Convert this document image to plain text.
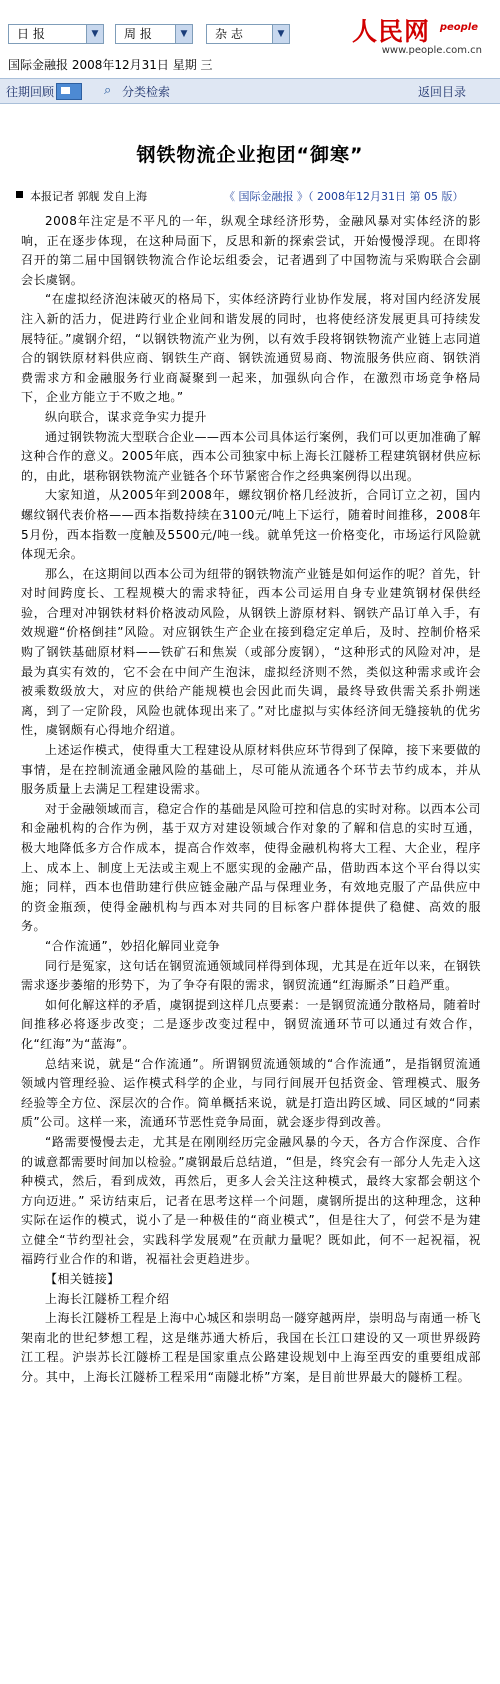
日 报	▼	周 报	▼	杂 志	▼	人民网 people
www.people.com.cn
国际金融报 2008年12月31日 星期 三
往期回顾	⌕ 分类检索	返回目录
钢铁物流企业抱团“御寒”
本报记者 郭舰 发自上海	《 国际金融报 》（ 2008年12月31日 第 05 版）

2008年注定是不平凡的一年，纵观全球经济形势，金融风暴对实体经济的影响，正在逐步体现，在这种局面下，反思和新的探索尝试，开始慢慢浮现。在即将召开的第二届中国钢铁物流合作论坛组委会，记者遇到了中国物流与采购联合会副会长虞钢。

“在虚拟经济泡沫破灭的格局下，实体经济跨行业协作发展，将对国内经济发展注入新的活力，促进跨行业企业间和谐发展的同时，也将使经济发展更具可持续发展特征。”虞钢介绍，“以钢铁物流产业为例，以有效手段将钢铁物流产业链上志同道合的钢铁原材料供应商、钢铁生产商、钢铁流通贸易商、物流服务供应商、钢铁消费需求方和金融服务行业商凝聚到一起来，加强纵向合作，在激烈市场竞争格局下，企业方能立于不败之地。”

纵向联合，谋求竞争实力提升

通过钢铁物流大型联合企业——西本公司具体运行案例，我们可以更加准确了解这种合作的意义。2005年底，西本公司独家中标上海长江隧桥工程建筑钢材供应标的，由此，堪称钢铁物流产业链各个环节紧密合作之经典案例得以出现。

大家知道，从2005年到2008年，螺纹钢价格几经波折，合同订立之初，国内螺纹钢代表价格——西本指数持续在3100元/吨上下运行，随着时间推移，2008年5月份，西本指数一度触及5500元/吨一线。就单凭这一价格变化，市场运行风险就体现无余。

那么，在这期间以西本公司为纽带的钢铁物流产业链是如何运作的呢？首先，针对时间跨度长、工程规模大的需求特征，西本公司运用自身专业建筑钢材保供经验，合理对冲钢铁材料价格波动风险，从钢铁上游原材料、钢铁产品订单入手，有效规避“价格倒挂”风险。对应钢铁生产企业在接到稳定定单后，及时、控制价格采购了钢铁基础原材料——铁矿石和焦炭（或部分废钢），“这种形式的风险对冲，是最为真实有效的，它不会在中间产生泡沫，虚拟经济则不然，类似这种需求或许会被乘数级放大，对应的供给产能规模也会因此而失调，最终导致供需关系扑朔迷离，到了一定阶段，风险也就体现出来了。”对比虚拟与实体经济间无缝接轨的优劣性，虞钢颇有心得地介绍道。

上述运作模式，使得重大工程建设从原材料供应环节得到了保障，接下来要做的事情，是在控制流通金融风险的基础上，尽可能从流通各个环节去节约成本，并从服务质量上去满足工程建设需求。

对于金融领域而言，稳定合作的基础是风险可控和信息的实时对称。以西本公司和金融机构的合作为例，基于双方对建设领域合作对象的了解和信息的实时互通，极大地降低多方合作成本，提高合作效率，使得金融机构将大工程、大企业，程序上、成本上、制度上无法或主观上不愿实现的金融产品，借助西本这个平台得以实施；同样，西本也借助建行供应链金融产品与保理业务，有效地克服了产品供应中的资金瓶颈，使得金融机构与西本对共同的目标客户群体提供了稳健、高效的服务。

“合作流通”，妙招化解同业竞争

同行是冤家，这句话在钢贸流通领域同样得到体现，尤其是在近年以来，在钢铁需求逐步萎缩的形势下，为了争夺有限的需求，钢贸流通“红海厮杀”日趋严重。

如何化解这样的矛盾，虞钢提到这样几点要素：一是钢贸流通分散格局，随着时间推移必将逐步改变；二是逐步改变过程中，钢贸流通环节可以通过有效合作，化“红海”为“蓝海”。

总结来说，就是“合作流通”。所谓钢贸流通领域的“合作流通”，是指钢贸流通领域内管理经验、运作模式科学的企业，与同行间展开包括资金、管理模式、服务经验等全方位、深层次的合作。简单概括来说，就是打造出跨区域、同区域的“同素质”公司。这样一来，流通环节恶性竞争局面，就会逐步得到改善。

“路需要慢慢去走，尤其是在刚刚经历完金融风暴的今天，各方合作深度、合作的诚意都需要时间加以检验。”虞钢最后总结道，“但是，终究会有一部分人先走入这种模式，然后，看到成效，再然后，更多人会关注这种模式，最终大家都会朝这个方向迈进。” 采访结束后，记者在思考这样一个问题，虞钢所提出的这种理念，这种实际在运作的模式，说小了是一种极佳的“商业模式”，但是往大了，何尝不是为建立健全“节约型社会，实践科学发展观”在贡献力量呢？既如此，何不一起祝福，祝福跨行业合作的和谐，祝福社会更趋进步。

【相关链接】

上海长江隧桥工程介绍

上海长江隧桥工程是上海中心城区和崇明岛一隧穿越两岸，崇明岛与南通一桥飞架南北的世纪梦想工程，这是继苏通大桥后，我国在长江口建设的又一项世界级跨江工程。沪崇苏长江隧桥工程是国家重点公路建设规划中上海至西安的重要组成部分。其中，上海长江隧桥工程采用“南隧北桥”方案，是目前世界最大的隧桥工程。
